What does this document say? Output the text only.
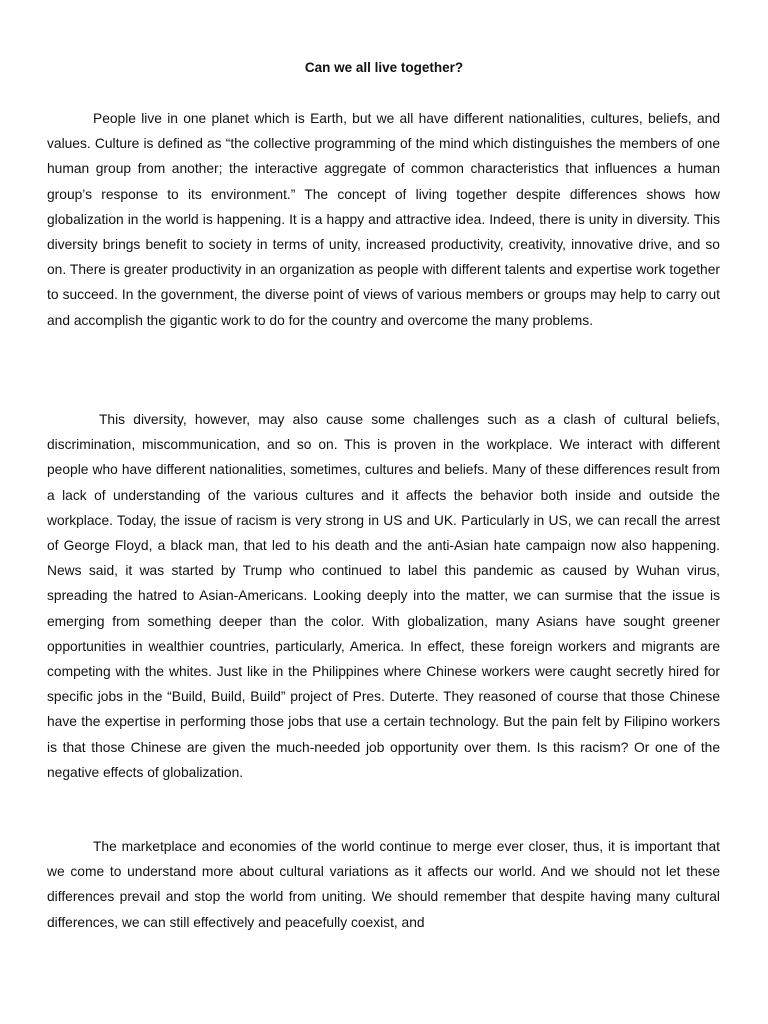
Can we all live together?

People live in one planet which is Earth, but we all have different nationalities, cultures, beliefs, and values. Culture is defined as “the collective programming of the mind which distinguishes the members of one human group from another; the interactive aggregate of common characteristics that influences a human group’s response to its environment.” The concept of living together despite differences shows how globalization in the world is happening. It is a happy and attractive idea. Indeed, there is unity in diversity. This diversity brings benefit to society in terms of unity, increased productivity, creativity, innovative drive, and so on. There is greater productivity in an organization as people with different talents and expertise work together to succeed. In the government, the diverse point of views of various members or groups may help to carry out and accomplish the gigantic work to do for the country and overcome the many problems.

This diversity, however, may also cause some challenges such as a clash of cultural beliefs, discrimination, miscommunication, and so on. This is proven in the workplace. We interact with different people who have different nationalities, sometimes, cultures and beliefs. Many of these differences result from a lack of understanding of the various cultures and it affects the behavior both inside and outside the workplace. Today, the issue of racism is very strong in US and UK. Particularly in US, we can recall the arrest of George Floyd, a black man, that led to his death and the anti-Asian hate campaign now also happening. News said, it was started by Trump who continued to label this pandemic as caused by Wuhan virus, spreading the hatred to Asian-Americans. Looking deeply into the matter, we can surmise that the issue is emerging from something deeper than the color. With globalization, many Asians have sought greener opportunities in wealthier countries, particularly, America. In effect, these foreign workers and migrants are competing with the whites. Just like in the Philippines where Chinese workers were caught secretly hired for specific jobs in the “Build, Build, Build” project of Pres. Duterte. They reasoned of course that those Chinese have the expertise in performing those jobs that use a certain technology. But the pain felt by Filipino workers is that those Chinese are given the much-needed job opportunity over them. Is this racism? Or one of the negative effects of globalization.

The marketplace and economies of the world continue to merge ever closer, thus, it is important that we come to understand more about cultural variations as it affects our world. And we should not let these differences prevail and stop the world from uniting. We should remember that despite having many cultural differences, we can still effectively and peacefully coexist, and
